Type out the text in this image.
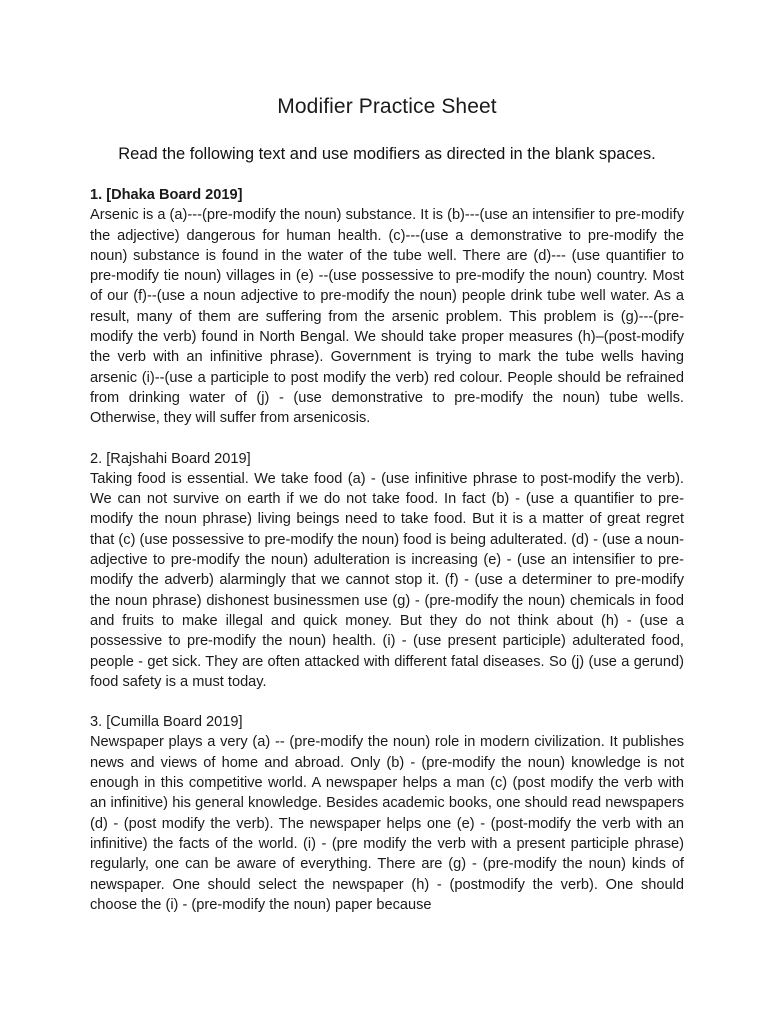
Modifier Practice Sheet

Read the following text and use modifiers as directed in the blank spaces.

1. [Dhaka Board 2019]

Arsenic is a (a)---(pre-modify the noun) substance. It is (b)---(use an intensifier to pre-modify the adjective) dangerous for human health. (c)---(use a demonstrative to pre-modify the noun) substance is found in the water of the tube well. There are (d)--- (use quantifier to pre-modify tie noun) villages in (e) --(use possessive to pre-modify the noun) country. Most of our (f)--(use a noun adjective to pre-modify the noun) people drink tube well water. As a result, many of them are suffering from the arsenic problem. This problem is (g)---(pre-modify the verb) found in North Bengal. We should take proper measures (h)–(post-modify the verb with an infinitive phrase). Government is trying to mark the tube wells having arsenic (i)--(use a participle to post modify the verb) red colour. People should be refrained from drinking water of (j) - (use demonstrative to pre-modify the noun) tube wells. Otherwise, they will suffer from arsenicosis.

2. [Rajshahi Board 2019]

Taking food is essential. We take food (a) - (use infinitive phrase to post-modify the verb). We can not survive on earth if we do not take food. In fact (b) - (use a quantifier to pre-modify the noun phrase) living beings need to take food. But it is a matter of great regret that (c) (use possessive to pre-modify the noun) food is being adulterated. (d) - (use a noun-adjective to pre-modify the noun) adulteration is increasing (e) - (use an intensifier to pre-modify the adverb) alarmingly that we cannot stop it. (f) - (use a determiner to pre-modify the noun phrase) dishonest businessmen use (g) - (pre-modify the noun) chemicals in food and fruits to make illegal and quick money. But they do not think about (h) - (use a possessive to pre-modify the noun) health. (i) - (use present participle) adulterated food, people - get sick. They are often attacked with different fatal diseases. So (j) (use a gerund) food safety is a must today.

3. [Cumilla Board 2019]

Newspaper plays a very (a) -- (pre-modify the noun) role in modern civilization. It publishes news and views of home and abroad. Only (b) - (pre-modify the noun) knowledge is not enough in this competitive world. A newspaper helps a man (c) (post modify the verb with an infinitive) his general knowledge. Besides academic books, one should read newspapers (d) - (post modify the verb). The newspaper helps one (e) - (post-modify the verb with an infinitive) the facts of the world. (i) - (pre modify the verb with a present participle phrase) regularly, one can be aware of everything. There are (g) - (pre-modify the noun) kinds of newspaper. One should select the newspaper (h) - (postmodify the verb). One should choose the (i) - (pre-modify the noun) paper because
